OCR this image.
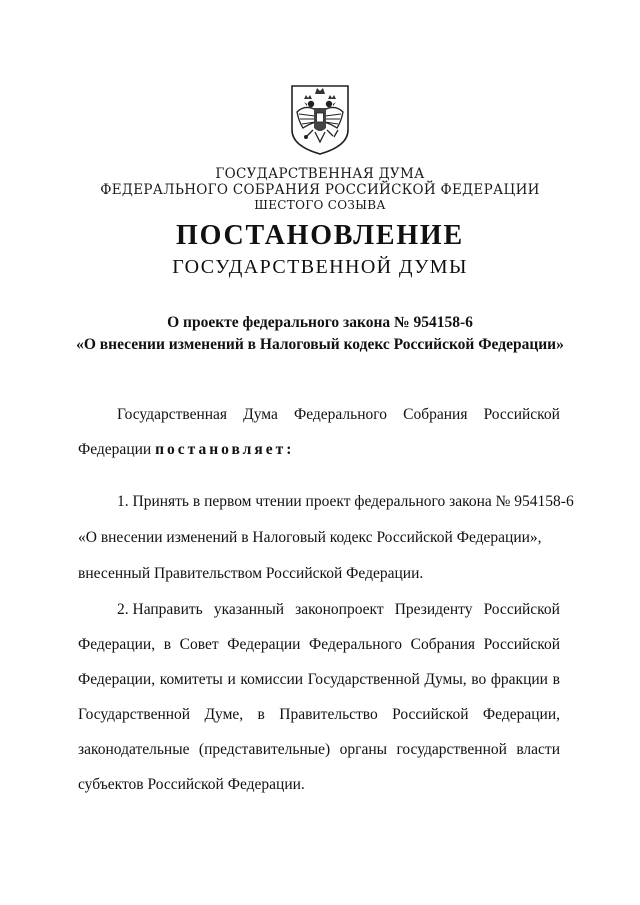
ГОСУДАРСТВЕННАЯ ДУМА
ФЕДЕРАЛЬНОГО СОБРАНИЯ РОССИЙСКОЙ ФЕДЕРАЦИИ
ШЕСТОГО СОЗЫВА
ПОСТАНОВЛЕНИЕ
ГОСУДАРСТВЕННОЙ ДУМЫ
О проекте федерального закона № 954158-6
«О внесении изменений в Налоговый кодекс Российской Федерации»
Государственная Дума Федерального Собрания Российской
Федерации постановляет:
1. Принять в первом чтении проект федерального закона № 954158-6
«О внесении изменений в Налоговый кодекс Российской Федерации»,
внесенный Правительством Российской Федерации.
2. Направить указанный законопроект Президенту Российской
Федерации, в Совет Федерации Федерального Собрания Российской
Федерации, комитеты и комиссии Государственной Думы, во фракции в
Государственной Думе, в Правительство Российской Федерации,
законодательные (представительные) органы государственной власти
субъектов Российской Федерации.
